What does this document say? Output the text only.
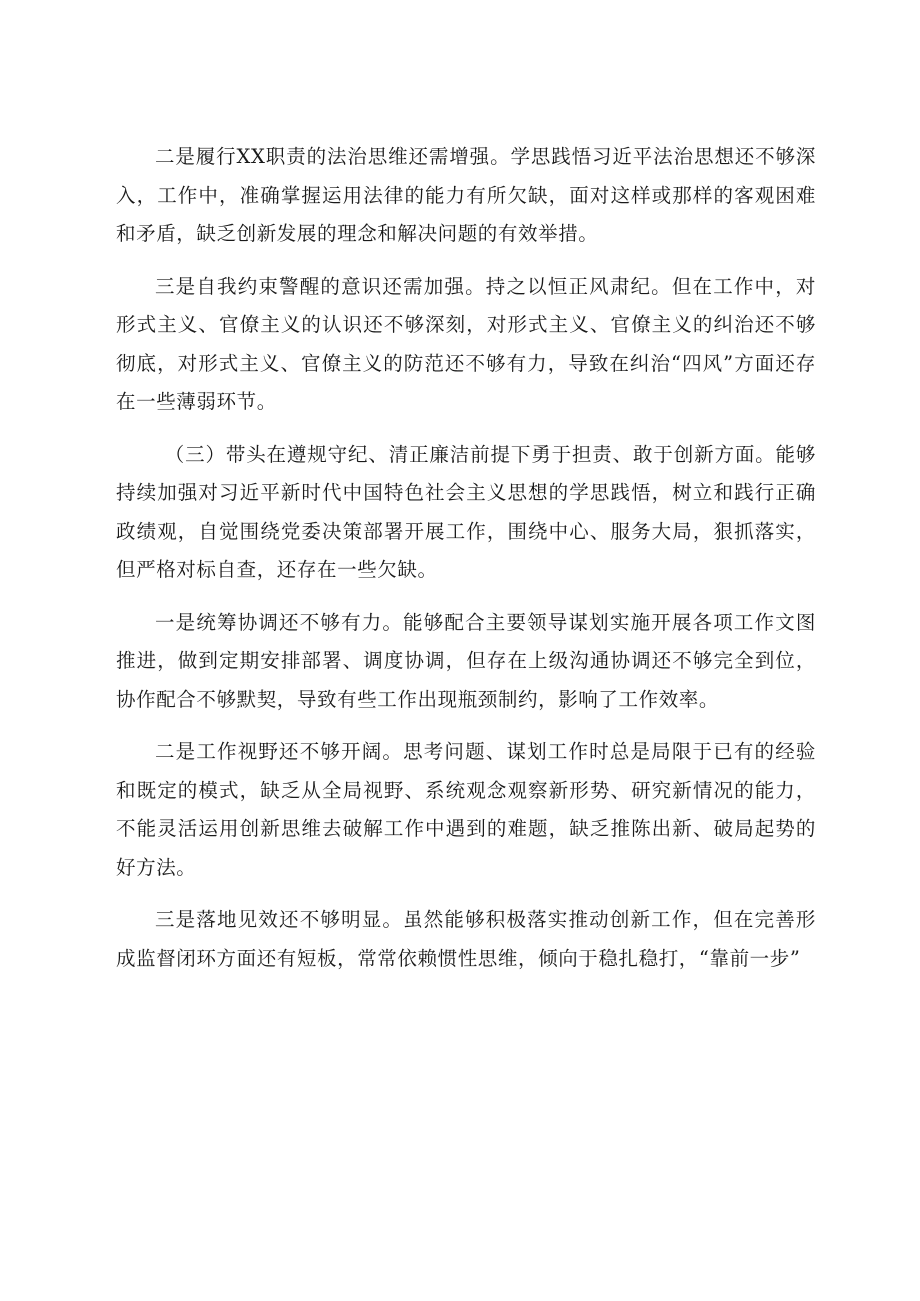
二是履行XX职责的法治思维还需增强。学思践悟习近平法治思想还不够深入，工作中，准确掌握运用法律的能力有所欠缺，面对这样或那样的客观困难和矛盾，缺乏创新发展的理念和解决问题的有效举措。

三是自我约束警醒的意识还需加强。持之以恒正风肃纪。但在工作中，对形式主义、官僚主义的认识还不够深刻，对形式主义、官僚主义的纠治还不够彻底，对形式主义、官僚主义的防范还不够有力，导致在纠治“四风”方面还存在一些薄弱环节。

（三）带头在遵规守纪、清正廉洁前提下勇于担责、敢于创新方面。能够持续加强对习近平新时代中国特色社会主义思想的学思践悟，树立和践行正确政绩观，自觉围绕党委决策部署开展工作，围绕中心、服务大局，狠抓落实，但严格对标自查，还存在一些欠缺。

一是统筹协调还不够有力。能够配合主要领导谋划实施开展各项工作文图推进，做到定期安排部署、调度协调，但存在上级沟通协调还不够完全到位，协作配合不够默契，导致有些工作出现瓶颈制约，影响了工作效率。

二是工作视野还不够开阔。思考问题、谋划工作时总是局限于已有的经验和既定的模式，缺乏从全局视野、系统观念观察新形势、研究新情况的能力，不能灵活运用创新思维去破解工作中遇到的难题，缺乏推陈出新、破局起势的好方法。

三是落地见效还不够明显。虽然能够积极落实推动创新工作，但在完善形成监督闭环方面还有短板，常常依赖惯性思维，倾向于稳扎稳打，“靠前一步”
